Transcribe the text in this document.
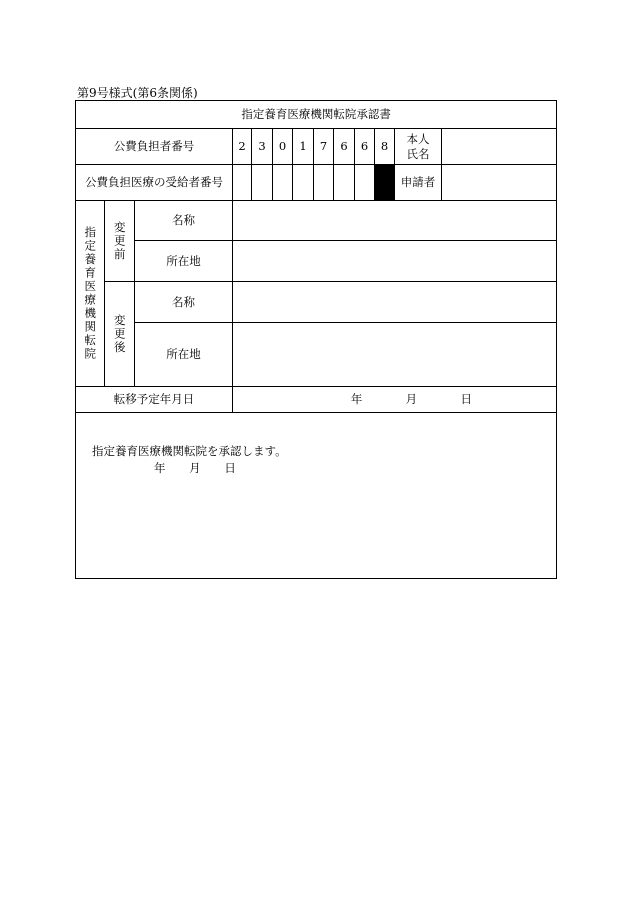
第9号様式(第6条関係)
指定養育医療機関転院承認書												
公費負担者番号			2	3	0	1	7	6	6	8	本人
氏名	
公費負担医療の受給者番号											申請者	

指定養育医療機関転院	変更前	名称										
		所在地										

	変更後	名称										
		所在地										
転移予定年月日			年 月 日									

指定養育医療機関転院を承認します。
年 月 日												
